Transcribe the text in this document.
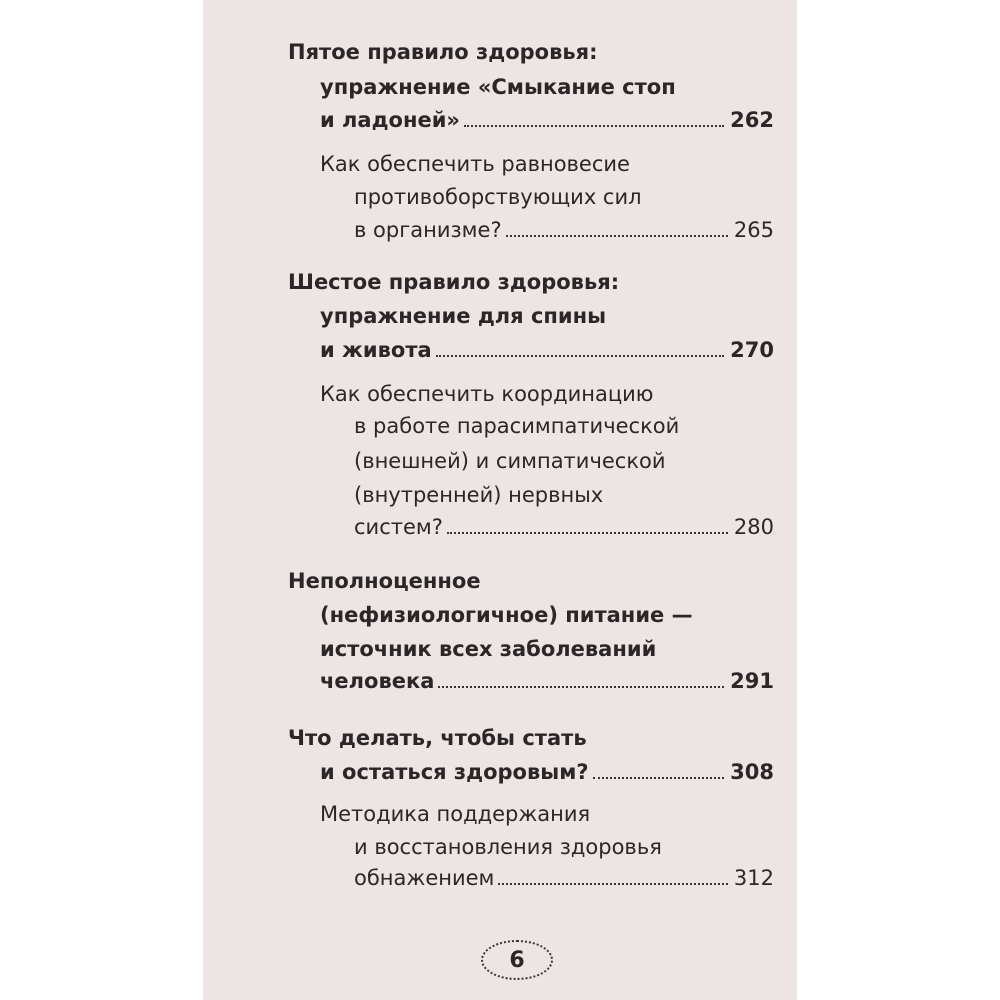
Пятое правило здоровья:
упражнение «Смыкание стоп
и ладоней»	262
Как обеспечить равновесие
противоборствующих сил
в организме?	265
Шестое правило здоровья:
упражнение для спины
и живота	270
Как обеспечить координацию
в работе парасимпатической
(внешней) и симпатической
(внутренней) нервных
систем?	280
Неполноценное
(нефизиологичное) питание —
источник всех заболеваний
человека	291
Что делать, чтобы стать
и остаться здоровым?	308
Методика поддержания
и восстановления здоровья
обнажением	312
6
